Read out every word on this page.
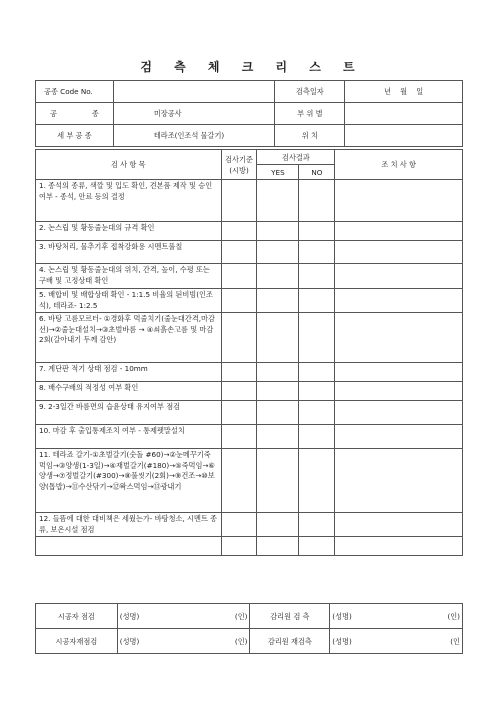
검 측 체 크 리 스 트
공종 Code No.		검측일자	년    월    일
공 종	미장공사	부 위 별	
세 부 공 종	테라조(인조석 물갈기)	위 치	
검 사 항 목	검사기준
(시방)	검사결과		조 치 사 항
		YES	NO	
1. 종석의 종류, 색깔 및 입도 확인, 견본품 제작 및 승인 여부 - 종석, 안료 등의 결정				
2. 논스립 및 황동줄눈대의 규격 확인				
3. 바탕처리, 물추기후 접착강화용 시멘트풀칠				
4. 논스립 및 황동줄눈대의 위치, 간격, 높이, 수평 또는 구배 및 고정상태 확인				
5. 배합비 및 배합상태 확인 - 1:1.5 비율의 된비빔(인조석), 테라죠- 1:2.5				
6. 바탕 고름모르터- ①경화후 먹줄치기(줄눈대간격,마감선)→②줄눈대설치→③초벌바름 → ④쇠흙손고름 및 마감2회(갈아내기 두께 감안)				
7. 계단판 적기 상태 점검 - 10mm				
8. 배수구배의 적정성 여부 확인				
9. 2-3일간 바름면의 습윤상태 유지여부 점검				
10. 마감 후 출입통제조치 여부 - 통제펫말설치				
11. 테라죠 갈기-①초벌갈기(숫돌 #60)→②눈메꾸기죽먹임→③양생(1-3일)→④재벌갈기(#180)→⑤죽먹임→⑥양생→⑦정벌갈기(#300)→⑧풀씻기(2회)→⑨건조→⑩보양(톱밥)→⑪수산닦기→⑫왁스먹임→⑬광내기				
12. 들뜸에 대한 대비책은 세웠는가- 바탕청소, 시멘트 종류, 보온시설 점검				

시공자 점검	(성명)	(인)	감리원 검 측	(성명)	(인)
시공자재점검	(성명)	(인)	감리원 재검측	(성명)	(인
